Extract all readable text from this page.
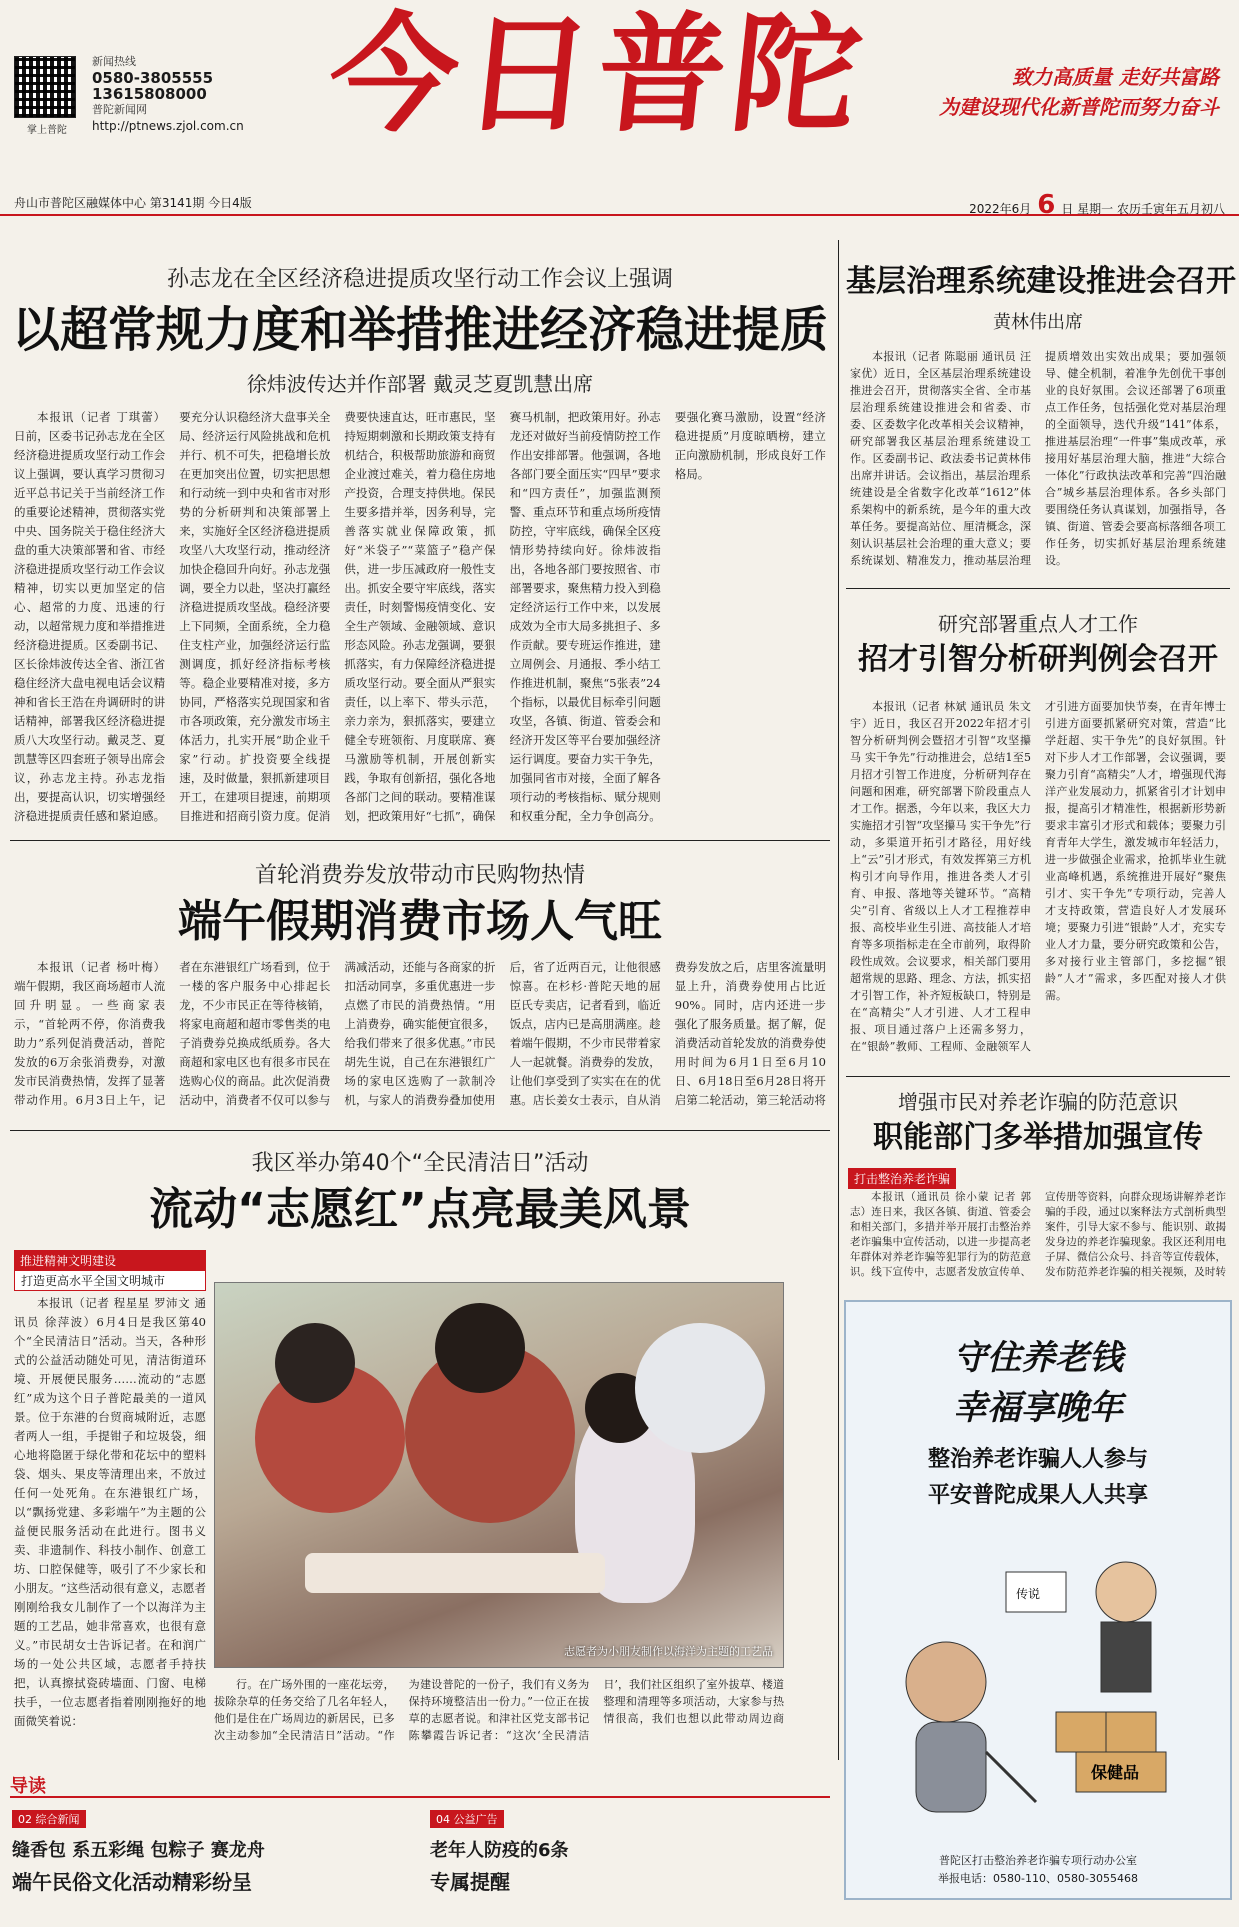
掌上普陀
新闻热线
0580-3805555
13615808000
普陀新闻网
http://ptnews.zjol.com.cn 今日普陀	致力高质量 走好共富路
为建设现代化新普陀而努力奋斗
舟山市普陀区融媒体中心 第3141期 今日4版	2022年6月 6 日 星期一 农历壬寅年五月初八
孙志龙在全区经济稳进提质攻坚行动工作会议上强调
以超常规力度和举措推进经济稳进提质
徐炜波传达并作部署 戴灵芝夏凯慧出席

本报讯（记者 丁琪蕾）日前，区委书记孙志龙在全区经济稳进提质攻坚行动工作会议上强调，要认真学习贯彻习近平总书记关于当前经济工作的重要论述精神，贯彻落实党中央、国务院关于稳住经济大盘的重大决策部署和省、市经济稳进提质攻坚行动工作会议精神，切实以更加坚定的信心、超常的力度、迅速的行动，以超常规力度和举措推进经济稳进提质。区委副书记、区长徐炜波传达全省、浙江省稳住经济大盘电视电话会议精神和省长王浩在舟调研时的讲话精神，部署我区经济稳进提质八大攻坚行动。戴灵芝、夏凯慧等区四套班子领导出席会议，孙志龙主持。孙志龙指出，要提高认识，切实增强经济稳进提质责任感和紧迫感。要充分认识稳经济大盘事关全局、经济运行风险挑战和危机并行、机不可失，把稳增长放在更加突出位置，切实把思想和行动统一到中央和省市对形势的分析研判和决策部署上来，实施好全区经济稳进提质攻坚八大攻坚行动，推动经济加快企稳回升向好。孙志龙强调，要全力以赴，坚决打赢经济稳进提质攻坚战。稳经济要上下同频，全面系统，全力稳住支柱产业，加强经济运行监测调度，抓好经济指标考核等。稳企业要精准对接，多方协同，严格落实兑现国家和省市各项政策，充分激发市场主体活力，扎实开展“助企业千家”行动。扩投资要全线提速，及时做量，狠抓新建项目开工，在建项目提速，前期项目推进和招商引资力度。促消费要快速直达，旺市惠民，坚持短期刺激和长期政策支持有机结合，积极帮助旅游和商贸企业渡过难关，着力稳住房地产投资，合理支持供地。保民生要多措并举，因务利导，完善落实就业保障政策，抓好“米袋子”“菜篮子”稳产保供，进一步压减政府一般性支出。抓安全要守牢底线，落实责任，时刻警惕疫情变化、安全生产领域、金融领域、意识形态风险。孙志龙强调，要狠抓落实，有力保障经济稳进提质攻坚行动。要全面从严狠实责任，以上率下、带头示范，亲力亲为，狠抓落实，要建立健全专班领衔、月度联席、赛马激励等机制，开展创新实践，争取有创新招，强化各地各部门之间的联动。要精准谋划，把政策用好“七抓”，确保赛马机制，把政策用好。孙志龙还对做好当前疫情防控工作作出安排部署。他强调，各地各部门要全面压实“四早”要求和“四方责任”，加强监测预警、重点环节和重点场所疫情防控，守牢底线，确保全区疫情形势持续向好。徐炜波指出，各地各部门要按照省、市部署要求，聚焦精力投入到稳定经济运行工作中来，以发展成效为全市大局多挑担子、多作贡献。要专班运作推进，建立周例会、月通报、季小结工作推进机制，聚焦“5张表”24个指标，以最优目标牵引问题攻坚，各镇、街道、管委会和经济开发区等平台要加强经济运行调度。要奋力实干争先，加强同省市对接，全面了解各项行动的考核指标、赋分规则和权重分配，全力争创高分。要强化赛马激励，设置“经济稳进提质”月度晾晒榜，建立正向激励机制，形成良好工作格局。

基层治理系统建设推进会召开
黄林伟出席

本报讯（记者 陈聪丽 通讯员 汪家优）近日，全区基层治理系统建设推进会召开，贯彻落实全省、全市基层治理系统建设推进会和省委、市委、区委数字化改革相关会议精神，研究部署我区基层治理系统建设工作。区委副书记、政法委书记黄林伟出席并讲话。会议指出，基层治理系统建设是全省数字化改革“1612”体系架构中的新系统，是今年的重大改革任务。要提高站位、厘清概念，深刻认识基层社会治理的重大意义；要系统谋划、精准发力，推动基层治理提质增效出实效出成果；要加强领导、健全机制，着准争先创优干事创业的良好氛围。会议还部署了6项重点工作任务，包括强化党对基层治理的全面领导，迭代升级“141”体系，推进基层治理“一件事”集成改革，承接用好基层治理大脑，推进“大综合一体化”行政执法改革和完善“四治融合”城乡基层治理体系。各乡头部门要围绕任务认真谋划，加强指导，各镇、街道、管委会要高标落细各项工作任务，切实抓好基层治理系统建设。

研究部署重点人才工作
招才引智分析研判例会召开

本报讯（记者 林斌 通讯员 朱文宇）近日，我区召开2022年招才引智分析研判例会暨招才引智“攻坚攥马 实干争先”行动推进会，总结1至5月招才引智工作进度，分析研判存在问题和困难，研究部署下阶段重点人才工作。据悉，今年以来，我区大力实施招才引智“攻坚攥马 实干争先”行动，多渠道开拓引才路径，用好线上“云”引才形式，有效发挥第三方机构引才向导作用，推进各类人才引育、申报、落地等关键环节。“高精尖”引育、省级以上人才工程推荐申报、高校毕业生引进、高技能人才培育等多项指标走在全市前列，取得阶段性成效。会议要求，相关部门要用超常规的思路、理念、方法，抓实招才引智工作，补齐短板缺口，特别是在“高精尖”人才引进、人才工程申报、项目通过落户上还需多努力，在“银龄”教师、工程师、金融领军人才引进方面要加快节奏，在青年博士引进方面要抓紧研究对策，营造“比学赶超、实干争先”的良好氛围。针对下步人才工作部署，会议强调，要聚力引育“高精尖”人才，增强现代海洋产业发展动力，抓紧省引才计划申报，提高引才精准性，根据新形势新要求丰富引才形式和载体；要聚力引育青年大学生，激发城市年轻活力，进一步做强企业需求，抢抓毕业生就业高峰机遇，系统推进开展好“聚焦引才、实干争先”专项行动，完善人才支持政策，营造良好人才发展环境；要聚力引进“银龄”人才，充实专业人才力量，要分研究政策和公告，多对接行业主管部门，多挖掘“银龄”人才”需求，多匹配对接人才供需。

增强市民对养老诈骗的防范意识
职能部门多举措加强宣传
打击整治养老诈骗

本报讯（通讯员 徐小蒙 记者 郭志）连日来，我区各镇、街道、管委会和相关部门，多措并举开展打击整治养老诈骗集中宣传活动，以进一步提高老年群体对养老诈骗等犯罪行为的防范意识。线下宣传中，志愿者发放宣传单、宣传册等资料，向群众现场讲解养老诈骗的手段，通过以案释法方式剖析典型案件，引导大家不参与、能识别、敢揭发身边的养老诈骗现象。我区还利用电子屏、微信公众号、抖音等宣传载体，发布防范养老诈骗的相关视频，及时转

首轮消费券发放带动市民购物热情
端午假期消费市场人气旺

本报讯（记者 杨叶梅）端午假期，我区商场超市人流回升明显。一些商家表示，“首轮两不停，你消费我助力”系列促消费活动，普陀发放的6万余张消费券，对激发市民消费热情，发挥了显著带动作用。6月3日上午，记者在东港银红广场看到，位于一楼的客户服务中心排起长龙，不少市民正在等待核销，将家电商超和超市零售类的电子消费券兑换成纸质券。各大商超和家电区也有很多市民在选购心仪的商品。此次促消费活动中，消费者不仅可以参与满减活动，还能与各商家的折扣活动同享，多重优惠进一步点燃了市民的消费热情。“用上消费券，确实能便宜很多，给我们带来了很多优惠。”市民胡先生说，自己在东港银红广场的家电区选购了一款制冷机，与家人的消费券叠加使用后，省了近两百元，让他很感惊喜。在杉杉·普陀天地的屈臣氏专卖店，记者看到，临近饭点，店内已是高朋满座。趁着端午假期，不少市民带着家人一起就餐。消费券的发放，让他们享受到了实实在在的优惠。店长姜女士表示，自从消费券发放之后，店里客流量明显上升，消费券使用占比近90%。同时，店内还进一步强化了服务质量。据了解，促消费活动首轮发放的消费券使用时间为6月1日至6月10日、6月18日至6月28日将开启第二轮活动，第三轮活动将

我区举办第40个“全民清洁日”活动
流动“志愿红”点亮最美风景
推进精神文明建设
打造更高水平全国文明城市

本报讯（记者 程星星 罗沛文 通讯员 徐萍波）6月4日是我区第40个“全民清洁日”活动。当天，各种形式的公益活动随处可见，清洁街道环境、开展便民服务……流动的“志愿红”成为这个日子普陀最美的一道风景。位于东港的台贸商城附近，志愿者两人一组，手提钳子和垃圾袋，细心地将隐匿于绿化带和花坛中的塑料袋、烟头、果皮等清理出来，不放过任何一处死角。在东港银红广场，以“飘扬党建、多彩端午”为主题的公益便民服务活动在此进行。图书义卖、非遗制作、科技小制作、创意工坊、口腔保健等，吸引了不少家长和小朋友。“这些活动很有意义，志愿者刚刚给我女儿制作了一个以海洋为主题的工艺品，她非常喜欢，也很有意义。”市民胡女士告诉记者。在和润广场的一处公共区域，志愿者手持扶把，认真擦拭瓷砖墙面、门窗、电梯扶手，一位志愿者指着刚刚拖好的地面微笑着说：

志愿者为小朋友制作以海洋为主题的工艺品

行。在广场外围的一座花坛旁，拔除杂草的任务交给了几名年轻人，他们是住在广场周边的新居民，已多次主动参加“全民清洁日”活动。“作为建设普陀的一份子，我们有义务为保持环境整洁出一份力。”一位正在拔草的志愿者说。和津社区党支部书记陈攀霞告诉记者：“这次‘全民清洁日’，我们社区组织了室外拔草、楼道整理和清理等多项活动，大家参与热情很高，我们也想以此带动周边商

守住养老钱
幸福享晚年
整治养老诈骗人人参与
平安普陀成果人人共享
传说
保健品
普陀区打击整治养老诈骗专项行动办公室
举报电话：0580-110、0580-3055468
导读
02 综合新闻
缝香包 系五彩绳 包粽子 赛龙舟
端午民俗文化活动精彩纷呈
04 公益广告
老年人防疫的6条
专属提醒
